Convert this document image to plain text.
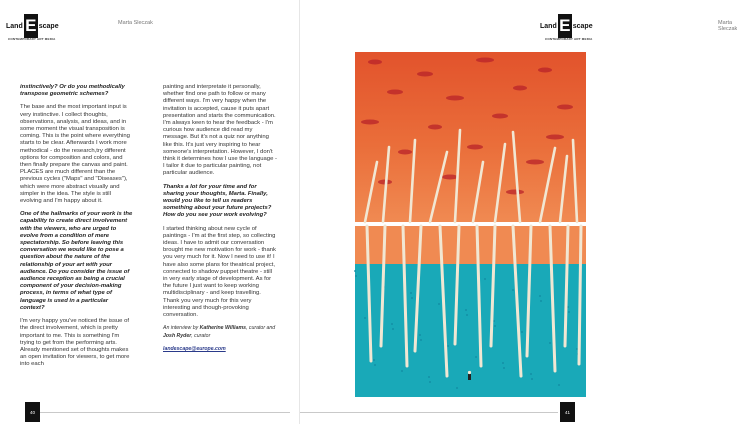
Land E scape
CONTEMPORARY ART MEDIA
Marta Sleczak

instinctively? Or do you methodically transpose geometric schemes?

The base and the most important input is very instinctive. I collect thoughts, observations, analysis, and ideas, and in some moment the visual transposition is coming. This is the point where everything starts to be clear. Afterwards I work more methodical - do the research,try different options for composition and colors, and then finally prepare the canvas and paint. PLACES are much different than the previous cycles ("Maps" and "Diseases"), which were more abstract visually and simpler in the idea. The style is still evolving and I'm happy about it.

One of the hallmarks of your work is the capability to create direct involvement with the viewers, who are urged to evolve from a condition of mere spectatorship. So before leaving this conversation we would like to pose a question about the nature of the relationship of your art with your audience. Do you consider the issue of audience reception as being a crucial component of your decision-making process, in terms of what type of language is used in a particular context?

I'm very happy you've noticed the issue of the direct involvement, which is pretty important to me. This is something I'm trying to get from the performing arts. Already mentioned set of thoughts makes an open invitation for viewers, to get more into each

painting and interpretate it personally, whether find one path to follow or many different ways. I'm very happy when the invitation is accepted, cause it puts apart presentation and starts the communication. I'm always keen to hear the feedback - I'm curious how audience did read my message. But it's not a quiz nor anything like this. It's just very inspiring to hear someone's interpretation. However, I don't think it determines how I use the language - I tailor it due to particular painting, not particular audience.

Thanks a lot for your time and for sharing your thoughts, Marta. Finally, would you like to tell us readers something about your future projects? How do you see your work evolving?

I started thinking about new cycle of paintings - I'm at the first step, so collecting ideas. I have to admit our conversation brought me new motivation for work - thank you very much for it. Now I need to use it! I have also some plans for theatrical project, connected to shadow puppet theatre - still in very early stage of development. As for the future I just want to keep working multidisciplinary - and keep travelling. Thank you very much for this very interesting and though-provoking conversation.

An interview by Katherine Williams, curator and Josh Ryder, curator

landescape@europe.com
40
Marta Sleczak
Land E scape
CONTEMPORARY ART MEDIA
41
